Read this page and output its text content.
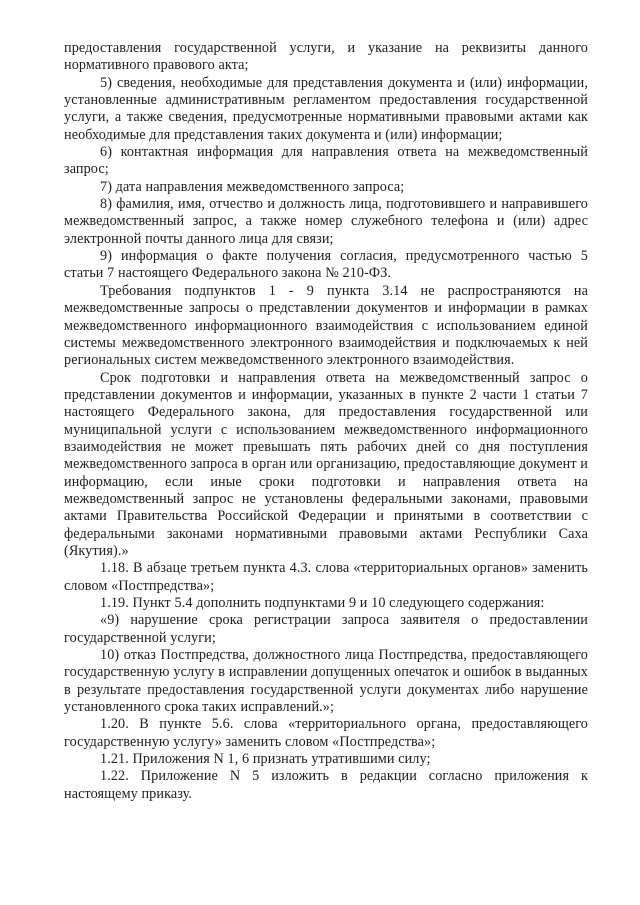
предоставления государственной услуги, и указание на реквизиты данного нормативного правового акта;

5) сведения, необходимые для представления документа и (или) информации, установленные административным регламентом предоставления государственной услуги, а также сведения, предусмотренные нормативными правовыми актами как необходимые для представления таких документа и (или) информации;

6) контактная информация для направления ответа на межведомственный запрос;

7) дата направления межведомственного запроса;

8) фамилия, имя, отчество и должность лица, подготовившего и направившего межведомственный запрос, а также номер служебного телефона и (или) адрес электронной почты данного лица для связи;

9) информация о факте получения согласия, предусмотренного частью 5 статьи 7 настоящего Федерального закона № 210-ФЗ.

Требования подпунктов 1 - 9 пункта 3.14 не распространяются на межведомственные запросы о представлении документов и информации в рамках межведомственного информационного взаимодействия с использованием единой системы межведомственного электронного взаимодействия и подключаемых к ней региональных систем межведомственного электронного взаимодействия.

Срок подготовки и направления ответа на межведомственный запрос о представлении документов и информации, указанных в пункте 2 части 1 статьи 7 настоящего Федерального закона, для предоставления государственной или муниципальной услуги с использованием межведомственного информационного взаимодействия не может превышать пять рабочих дней со дня поступления межведомственного запроса в орган или организацию, предоставляющие документ и информацию, если иные сроки подготовки и направления ответа на межведомственный запрос не установлены федеральными законами, правовыми актами Правительства Российской Федерации и принятыми в соответствии с федеральными законами нормативными правовыми актами Республики Саха (Якутия).»

1.18. В абзаце третьем пункта 4.3. слова «территориальных органов» заменить словом «Постпредства»;

1.19. Пункт 5.4 дополнить подпунктами 9 и 10 следующего содержания:

«9) нарушение срока регистрации запроса заявителя о предоставлении государственной услуги;

10) отказ Постпредства, должностного лица Постпредства, предоставляющего государственную услугу в исправлении допущенных опечаток и ошибок в выданных в результате предоставления государственной услуги документах либо нарушение установленного срока таких исправлений.»;

1.20. В пункте 5.6. слова «территориального органа, предоставляющего государственную услугу» заменить словом «Постпредства»;

1.21. Приложения N 1, 6 признать утратившими силу;

1.22. Приложение N 5 изложить в редакции согласно приложения к настоящему приказу.
